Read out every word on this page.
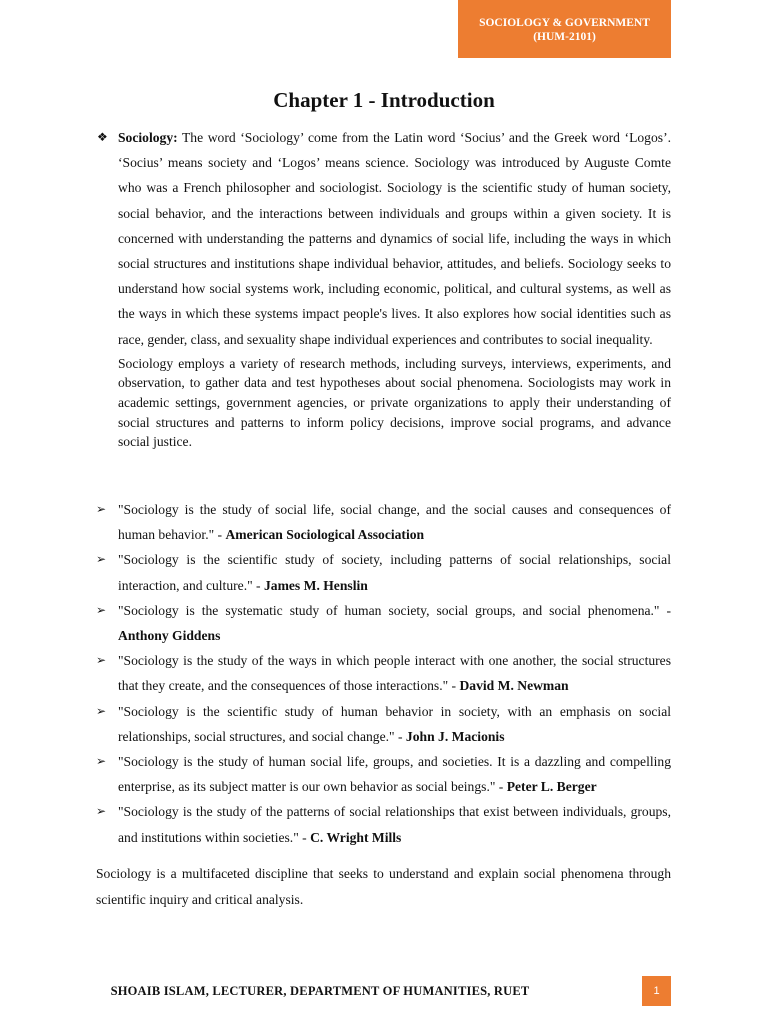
SOCIOLOGY & GOVERNMENT
(HUM-2101)
Chapter 1 - Introduction
❖ Sociology: The word ‘Sociology’ come from the Latin word ‘Socius’ and the Greek word ‘Logos’. ‘Socius’ means society and ‘Logos’ means science. Sociology was introduced by Auguste Comte who was a French philosopher and sociologist. Sociology is the scientific study of human society, social behavior, and the interactions between individuals and groups within a given society. It is concerned with understanding the patterns and dynamics of social life, including the ways in which social structures and institutions shape individual behavior, attitudes, and beliefs. Sociology seeks to understand how social systems work, including economic, political, and cultural systems, as well as the ways in which these systems impact people's lives. It also explores how social identities such as race, gender, class, and sexuality shape individual experiences and contributes to social inequality.

Sociology employs a variety of research methods, including surveys, interviews, experiments, and observation, to gather data and test hypotheses about social phenomena. Sociologists may work in academic settings, government agencies, or private organizations to apply their understanding of social structures and patterns to inform policy decisions, improve social programs, and advance social justice.

➢ "Sociology is the study of social life, social change, and the social causes and consequences of human behavior." - American Sociological Association
➢ "Sociology is the scientific study of society, including patterns of social relationships, social interaction, and culture." - James M. Henslin
➢ "Sociology is the systematic study of human society, social groups, and social phenomena." - Anthony Giddens
➢ "Sociology is the study of the ways in which people interact with one another, the social structures that they create, and the consequences of those interactions." - David M. Newman
➢ "Sociology is the scientific study of human behavior in society, with an emphasis on social relationships, social structures, and social change." - John J. Macionis
➢ "Sociology is the study of human social life, groups, and societies. It is a dazzling and compelling enterprise, as its subject matter is our own behavior as social beings." - Peter L. Berger
➢ "Sociology is the study of the patterns of social relationships that exist between individuals, groups, and institutions within societies." - C. Wright Mills

Sociology is a multifaceted discipline that seeks to understand and explain social phenomena through scientific inquiry and critical analysis.

SHOAIB ISLAM, LECTURER, DEPARTMENT OF HUMANITIES, RUET	1
